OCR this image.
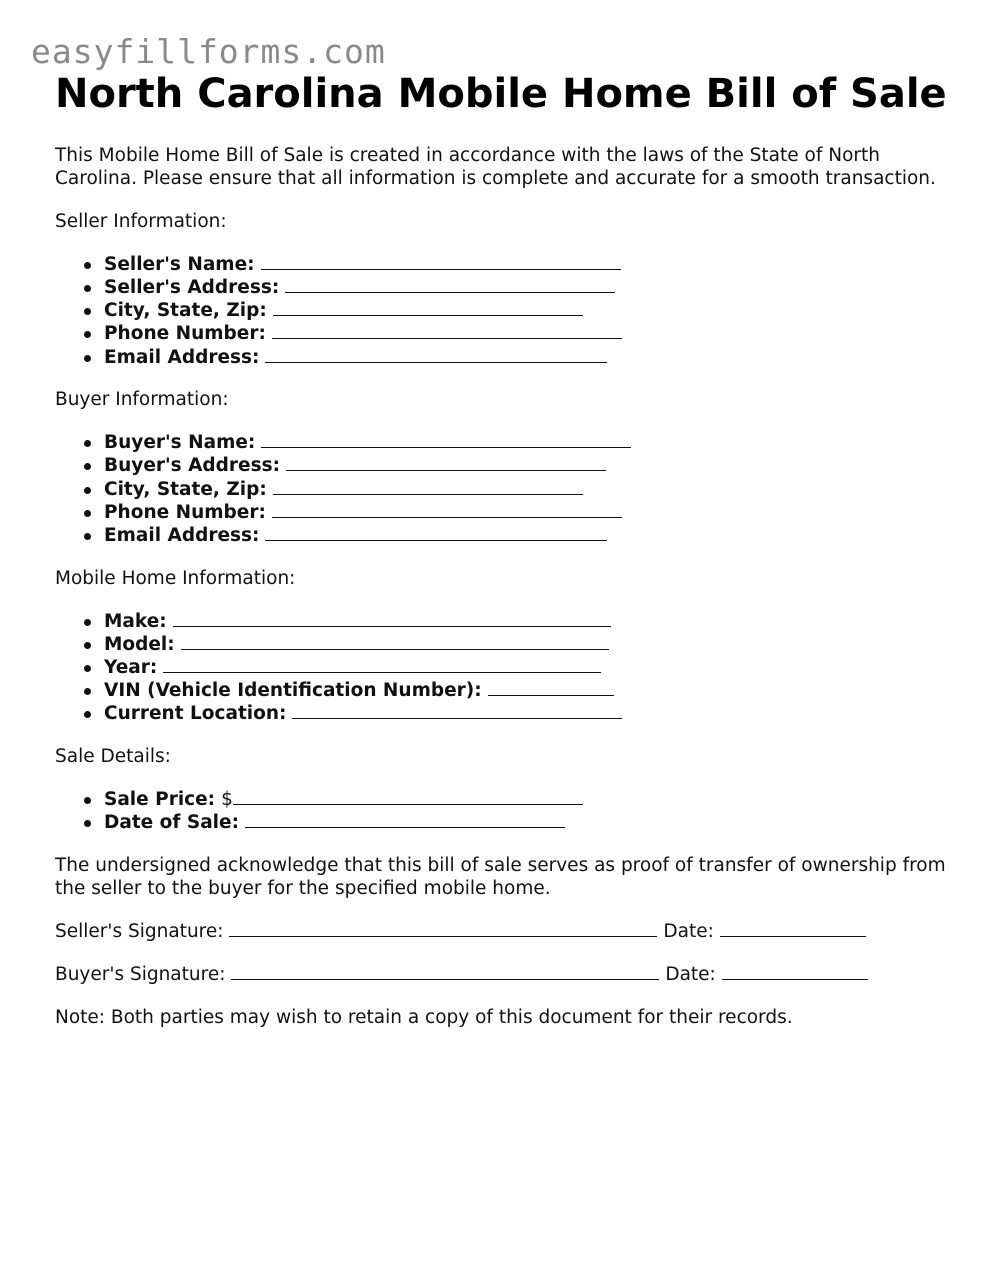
easyfillforms.com
North Carolina Mobile Home Bill of Sale

This Mobile Home Bill of Sale is created in accordance with the laws of the State of North Carolina. Please ensure that all information is complete and accurate for a smooth transaction.

Seller Information:

Seller's Name:
Seller's Address:
City, State, Zip:
Phone Number:
Email Address:

Buyer Information:

Buyer's Name:
Buyer's Address:
City, State, Zip:
Phone Number:
Email Address:

Mobile Home Information:

Make:
Model:
Year:
VIN (Vehicle Identification Number):
Current Location:

Sale Details:

Sale Price: $
Date of Sale:

The undersigned acknowledge that this bill of sale serves as proof of transfer of ownership from the seller to the buyer for the specified mobile home.

Seller's Signature:	Date:

Buyer's Signature:	Date:

Note: Both parties may wish to retain a copy of this document for their records.
